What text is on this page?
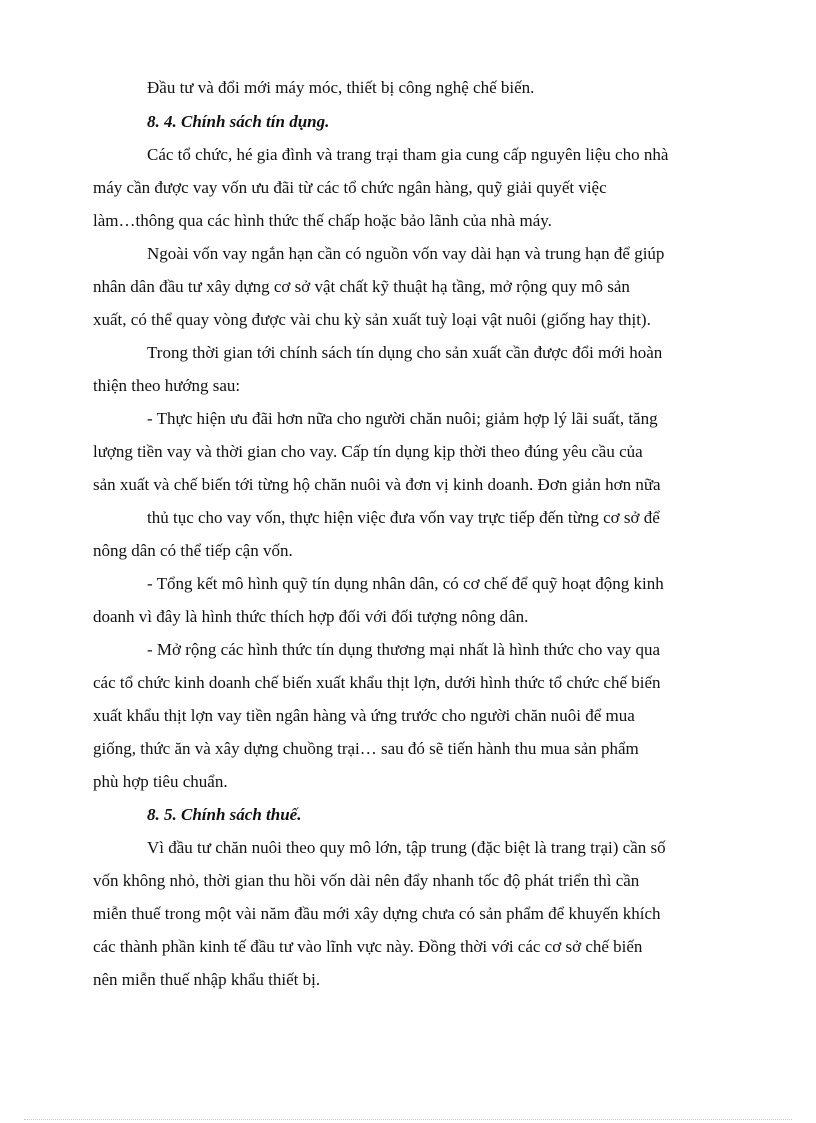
Đầu tư và đổi mới máy móc, thiết bị công nghệ chế biến.
8. 4. Chính sách tín dụng.
Các tổ chức, hé gia đình và trang trại tham gia cung cấp nguyên liệu cho nhà
máy cần được vay vốn ưu đãi từ các tổ chức ngân hàng, quỹ giải quyết việc
làm…thông qua các hình thức thế chấp hoặc bảo lãnh của nhà máy.
Ngoài vốn vay ngắn hạn cần có nguồn vốn vay dài hạn và trung hạn để giúp
nhân dân đầu tư xây dựng cơ sở vật chất kỹ thuật hạ tầng, mở rộng quy mô sản
xuất, có thể quay vòng được vài chu kỳ sản xuất tuỳ loại vật nuôi (giống hay thịt).
Trong thời gian tới chính sách tín dụng cho sản xuất cần được đổi mới hoàn
thiện theo hướng sau:
- Thực hiện ưu đãi hơn nữa cho người chăn nuôi; giảm hợp lý lãi suất, tăng
lượng tiền vay và thời gian cho vay. Cấp tín dụng kịp thời theo đúng yêu cầu của
sản xuất và chế biến tới từng hộ chăn nuôi và đơn vị kinh doanh. Đơn giản hơn nữa
thủ tục cho vay vốn, thực hiện việc đưa vốn vay trực tiếp đến từng cơ sở để
nông dân có thể tiếp cận vốn.
- Tổng kết mô hình quỹ tín dụng nhân dân, có cơ chế để quỹ hoạt động kinh
doanh vì đây là hình thức thích hợp đối với đối tượng nông dân.
- Mở rộng các hình thức tín dụng thương mại nhất là hình thức cho vay qua
các tổ chức kinh doanh chế biến xuất khẩu thịt lợn, dưới hình thức tổ chức chế biến
xuất khẩu thịt lợn vay tiền ngân hàng và ứng trước cho người chăn nuôi để mua
giống, thức ăn và xây dựng chuồng trại… sau đó sẽ tiến hành thu mua sản phẩm
phù hợp tiêu chuẩn.
8. 5. Chính sách thuế.
Vì đầu tư chăn nuôi theo quy mô lớn, tập trung (đặc biệt là trang trại) cần số
vốn không nhỏ, thời gian thu hồi vốn dài nên đẩy nhanh tốc độ phát triển thì cần
miễn thuế trong một vài năm đầu mới xây dựng chưa có sản phẩm để khuyến khích
các thành phần kinh tế đầu tư vào lĩnh vực này. Đồng thời với các cơ sở chế biến
nên miễn thuế nhập khẩu thiết bị.
